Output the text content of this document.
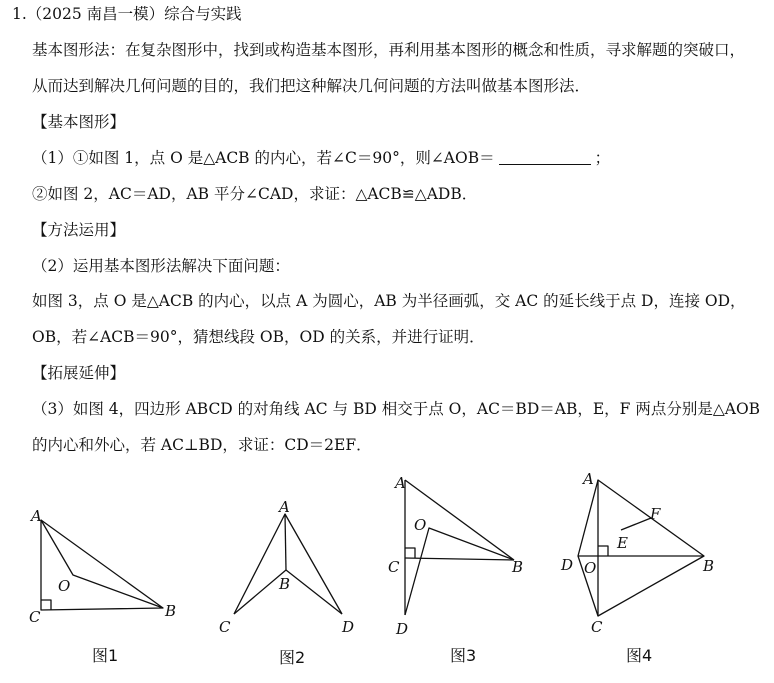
1.（2025 南昌一模）综合与实践
基本图形法：在复杂图形中，找到或构造基本图形，再利用基本图形的概念和性质，寻求解题的突破口，
从而达到解决几何问题的目的，我们把这种解决几何问题的方法叫做基本图形法．
【基本图形】
（1）①如图 1，点 O 是△ACB 的内心，若∠C＝90°，则∠AOB＝	；
②如图 2，AC＝AD，AB 平分∠CAD，求证：△ACB≌△ADB．
【方法运用】
（2）运用基本图形法解决下面问题：
如图 3，点 O 是△ACB 的内心，以点 A 为圆心，AB 为半径画弧，交 AC 的延长线于点 D，连接 OD，
OB，若∠ACB＝90°，猜想线段 OB，OD 的关系，并进行证明．
【拓展延伸】
（3）如图 4，四边形 ABCD 的对角线 AC 与 BD 相交于点 O，AC＝BD＝AB，E，F 两点分别是△AOB
的内心和外心，若 AC⊥BD，求证：CD＝2EF．
A
C
O
B
图1
A
B
C	D
图2
A
O
C	B
D
图3
A
F
E
D O	B
C
图4
